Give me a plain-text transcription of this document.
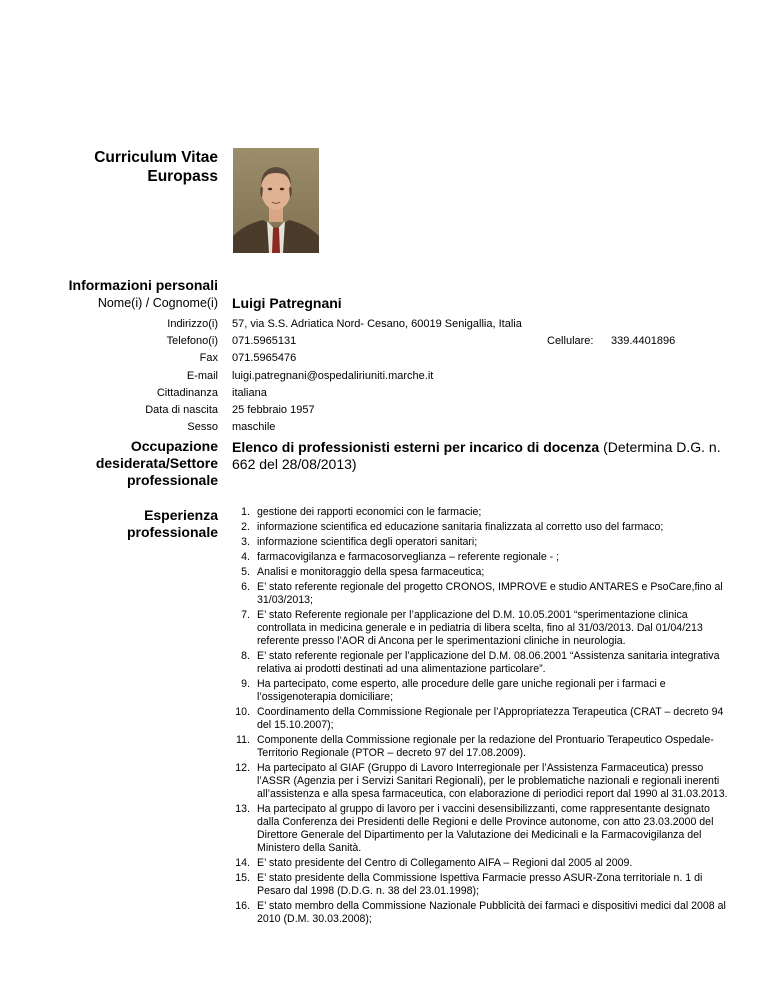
Curriculum Vitae
Europass
Informazioni personali
Nome(i) / Cognome(i) Luigi Patregnani
Indirizzo(i) 57, via S.S. Adriatica Nord- Cesano, 60019 Senigallia, Italia
Telefono(i) 071.5965131	Cellulare: 339.4401896
Fax 071.5965476
E-mail luigi.patregnani@ospedaliriuniti.marche.it
Cittadinanza italiana
Data di nascita 25 febbraio 1957
Sesso maschile
Occupazione
desiderata/Settore
professionale
Elenco di professionisti esterni per incarico di docenza (Determina D.G. n. 662 del 28/08/2013)
Esperienza
professionale
1. gestione dei rapporti economici con le farmacie;
2. informazione scientifica ed educazione sanitaria finalizzata al corretto uso del farmaco;
3. informazione scientifica degli operatori sanitari;
4. farmacovigilanza e farmacosorveglianza – referente regionale - ;
5. Analisi e monitoraggio della spesa farmaceutica;
6. E’ stato referente regionale del progetto CRONOS, IMPROVE e studio ANTARES e PsoCare,fino al 31/03/2013;
7. E’ stato Referente regionale per l’applicazione del D.M. 10.05.2001 “sperimentazione clinica controllata in medicina generale e in pediatria di libera scelta, fino al 31/03/2013. Dal 01/04/213 referente presso l’AOR di Ancona per le sperimentazioni cliniche in neurologia.
8. E’ stato referente regionale per l’applicazione del D.M. 08.06.2001 “Assistenza sanitaria integrativa relativa ai prodotti destinati ad una alimentazione particolare”.
9. Ha partecipato, come esperto, alle procedure delle gare uniche regionali per i farmaci e l’ossigenoterapia domiciliare;
10. Coordinamento della Commissione Regionale per l’Appropriatezza Terapeutica (CRAT – decreto 94 del 15.10.2007);
11. Componente della Commissione regionale per la redazione del Prontuario Terapeutico Ospedale-Territorio Regionale (PTOR – decreto 97 del 17.08.2009).
12. Ha partecipato al GIAF (Gruppo di Lavoro Interregionale per l’Assistenza Farmaceutica) presso l’ASSR (Agenzia per i Servizi Sanitari Regionali), per le problematiche nazionali e regionali inerenti all’assistenza e alla spesa farmaceutica, con elaborazione di periodici report dal 1990 al 31.03.2013.
13. Ha partecipato al gruppo di lavoro per i vaccini desensibilizzanti, come rappresentante designato dalla Conferenza dei Presidenti delle Regioni e delle Province autonome, con atto 23.03.2000 del Direttore Generale del Dipartimento per la Valutazione dei Medicinali e la Farmacovigilanza del Ministero della Sanità.
14. E’ stato presidente del Centro di Collegamento AIFA – Regioni dal 2005 al 2009.
15. E’ stato presidente della Commissione Ispettiva Farmacie presso ASUR-Zona territoriale n. 1 di Pesaro dal 1998 (D.D.G. n. 38 del 23.01.1998);
16. E’ stato membro della Commissione Nazionale Pubblicità dei farmaci e dispositivi medici dal 2008 al 2010 (D.M. 30.03.2008);
